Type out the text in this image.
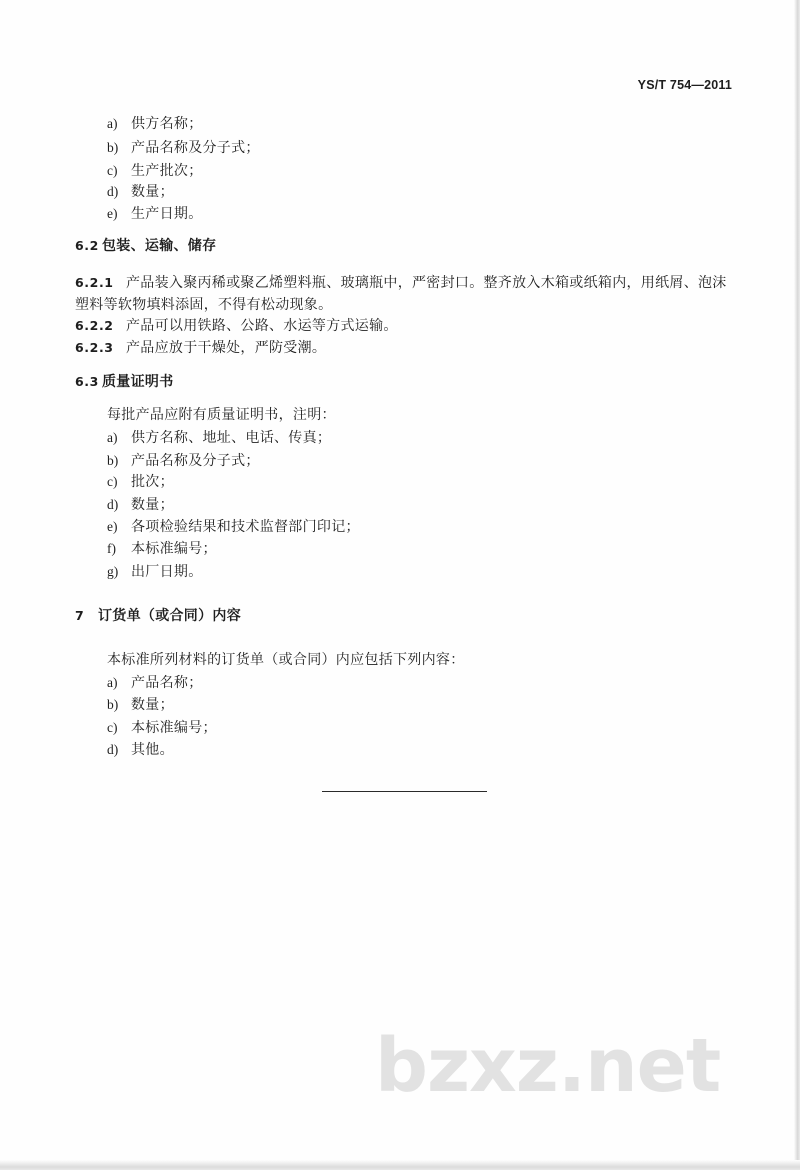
YS/T 754—2011
a) 供方名称；
b) 产品名称及分子式；
c) 生产批次；
d) 数量；
e) 生产日期。
6.2 包装、运输、储存
6.2.1 产品装入聚丙稀或聚乙烯塑料瓶、玻璃瓶中，严密封口。整齐放入木箱或纸箱内，用纸屑、泡沫
塑料等软物填料添固，不得有松动现象。
6.2.2 产品可以用铁路、公路、水运等方式运输。
6.2.3 产品应放于干燥处，严防受潮。
6.3 质量证明书
每批产品应附有质量证明书，注明：
a) 供方名称、地址、电话、传真；
b) 产品名称及分子式；
c) 批次；
d) 数量；
e) 各项检验结果和技术监督部门印记；
f) 本标准编号；
g) 出厂日期。
7 订货单（或合同）内容
本标准所列材料的订货单（或合同）内应包括下列内容：
a) 产品名称；
b) 数量；
c) 本标准编号；
d) 其他。
bzxz.net
